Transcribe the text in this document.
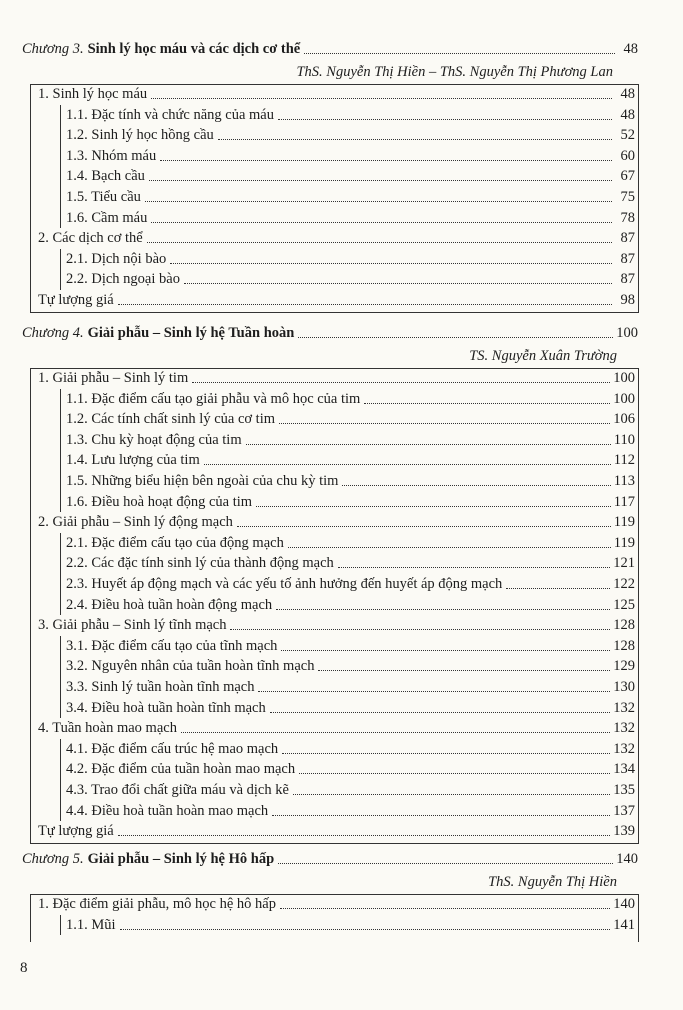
Chương 3. Sinh lý học máu và các dịch cơ thể	48
ThS. Nguyễn Thị Hiền – ThS. Nguyễn Thị Phương Lan
1. Sinh lý học máu	48
1.1. Đặc tính và chức năng của máu	48
1.2. Sinh lý học hồng cầu	52
1.3. Nhóm máu	60
1.4. Bạch cầu	67
1.5. Tiểu cầu	75
1.6. Cầm máu	78
2. Các dịch cơ thể	87
2.1. Dịch nội bào	87
2.2. Dịch ngoại bào	87
Tự lượng giá	98
Chương 4. Giải phẫu – Sinh lý hệ Tuần hoàn	100
TS. Nguyễn Xuân Trường
1. Giải phẫu – Sinh lý tim	100
1.1. Đặc điểm cấu tạo giải phẫu và mô học của tim	100
1.2. Các tính chất sinh lý của cơ tim	106
1.3. Chu kỳ hoạt động của tim	110
1.4. Lưu lượng của tim	112
1.5. Những biểu hiện bên ngoài của chu kỳ tim	113
1.6. Điều hoà hoạt động của tim	117
2. Giải phẫu – Sinh lý động mạch	119
2.1. Đặc điểm cấu tạo của động mạch	119
2.2. Các đặc tính sinh lý của thành động mạch	121
2.3. Huyết áp động mạch và các yếu tố ảnh hưởng đến huyết áp động mạch	122
2.4. Điều hoà tuần hoàn động mạch	125
3. Giải phẫu – Sinh lý tĩnh mạch	128
3.1. Đặc điểm cấu tạo của tĩnh mạch	128
3.2. Nguyên nhân của tuần hoàn tĩnh mạch	129
3.3. Sinh lý tuần hoàn tĩnh mạch	130
3.4. Điều hoà tuần hoàn tĩnh mạch	132
4. Tuần hoàn mao mạch	132
4.1. Đặc điểm cấu trúc hệ mao mạch	132
4.2. Đặc điểm của tuần hoàn mao mạch	134
4.3. Trao đổi chất giữa máu và dịch kẽ	135
4.4. Điều hoà tuần hoàn mao mạch	137
Tự lượng giá	139
Chương 5. Giải phẫu – Sinh lý hệ Hô hấp	140
ThS. Nguyễn Thị Hiền
1. Đặc điểm giải phẫu, mô học hệ hô hấp	140
1.1. Mũi	141
8
